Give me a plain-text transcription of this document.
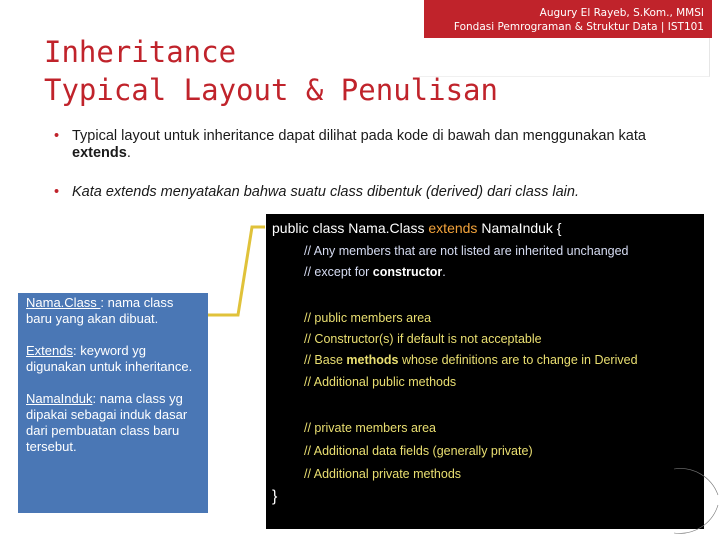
Augury El Rayeb, S.Kom., MMSI
Fondasi Pemrograman & Struktur Data | IST101
Inheritance
Typical Layout & Penulisan
• Typical layout untuk inheritance dapat dilihat pada kode di bawah dan menggunakan kata extends.
• Kata extends menyatakan bahwa suatu class dibentuk (derived) dari class lain.
public class Nama.Class extends NamaInduk {
// Any members that are not listed are inherited unchanged
// except for constructor.
// public members area
// Constructor(s) if default is not acceptable
// Base methods whose definitions are to change in Derived
// Additional public methods
// private members area
// Additional data fields (generally private)
// Additional private methods
}

Nama.Class : nama class baru yang akan dibuat.

Extends: keyword yg digunakan untuk inheritance.

NamaInduk: nama class yg dipakai sebagai induk dasar dari pembuatan class baru tersebut.
